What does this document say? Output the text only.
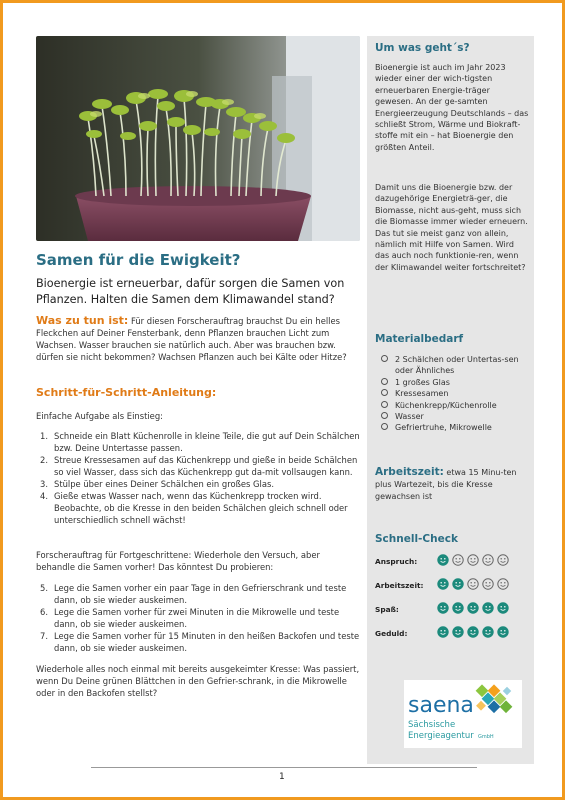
Samen für die Ewigkeit?
Bioenergie ist erneuerbar, dafür sorgen die Samen von Pflanzen. Halten die Samen dem Klimawandel stand?
Was zu tun ist: Für diesen Forscherauftrag brauchst Du ein helles Fleckchen auf Deiner Fensterbank, denn Pflanzen brauchen Licht zum Wachsen. Wasser brauchen sie natürlich auch. Aber was brauchen bzw. dürfen sie nicht bekommen? Wachsen Pflanzen auch bei Kälte oder Hitze?
Schritt-für-Schritt-Anleitung:
Einfache Aufgabe als Einstieg:
1. Schneide ein Blatt Küchenrolle in kleine Teile, die gut auf Dein Schälchen bzw. Deine Untertasse passen.
2. Streue Kressesamen auf das Küchenkrepp und gieße in beide Schälchen so viel Wasser, dass sich das Küchenkrepp gut da-mit vollsaugen kann.
3. Stülpe über eines Deiner Schälchen ein großes Glas.
4. Gieße etwas Wasser nach, wenn das Küchenkrepp trocken wird. Beobachte, ob die Kresse in den beiden Schälchen gleich schnell oder unterschiedlich schnell wächst!
Forscherauftrag für Fortgeschrittene: Wiederhole den Versuch, aber behandle die Samen vorher! Das könntest Du probieren:
5. Lege die Samen vorher ein paar Tage in den Gefrierschrank und teste dann, ob sie wieder auskeimen.
6. Lege die Samen vorher für zwei Minuten in die Mikrowelle und teste dann, ob sie wieder auskeimen.
7. Lege die Samen vorher für 15 Minuten in den heißen Backofen und teste dann, ob sie wieder auskeimen.
Wiederhole alles noch einmal mit bereits ausgekeimter Kresse: Was passiert, wenn Du Deine grünen Blättchen in den Gefrier-schrank, in die Mikrowelle oder in den Backofen stellst?
Um was geht´s?
Bioenergie ist auch im Jahr 2023 wieder einer der wich-tigsten erneuerbaren Energie-träger gewesen. An der ge-samten Energieerzeugung Deutschlands – das schließt Strom, Wärme und Biokraft-stoffe mit ein – hat Bioenergie den größten Anteil.
Damit uns die Bioenergie bzw. der dazugehörige Energieträ-ger, die Biomasse, nicht aus-geht, muss sich die Biomasse immer wieder erneuern. Das tut sie meist ganz von allein, nämlich mit Hilfe von Samen. Wird das auch noch funktionie-ren, wenn der Klimawandel weiter fortschreitet?
Materialbedarf
2 Schälchen oder Untertas-sen oder Ähnliches
1 großes Glas
Kressesamen
Küchenkrepp/Küchenrolle
Wasser
Gefriertruhe, Mikrowelle
Arbeitszeit: etwa 15 Minu-ten plus Wartezeit, bis die Kresse gewachsen ist
Schnell-Check
Anspruch:
Arbeitszeit:
Spaß:
Geduld:
saena
Sächsische
Energieagentur GmbH
1
